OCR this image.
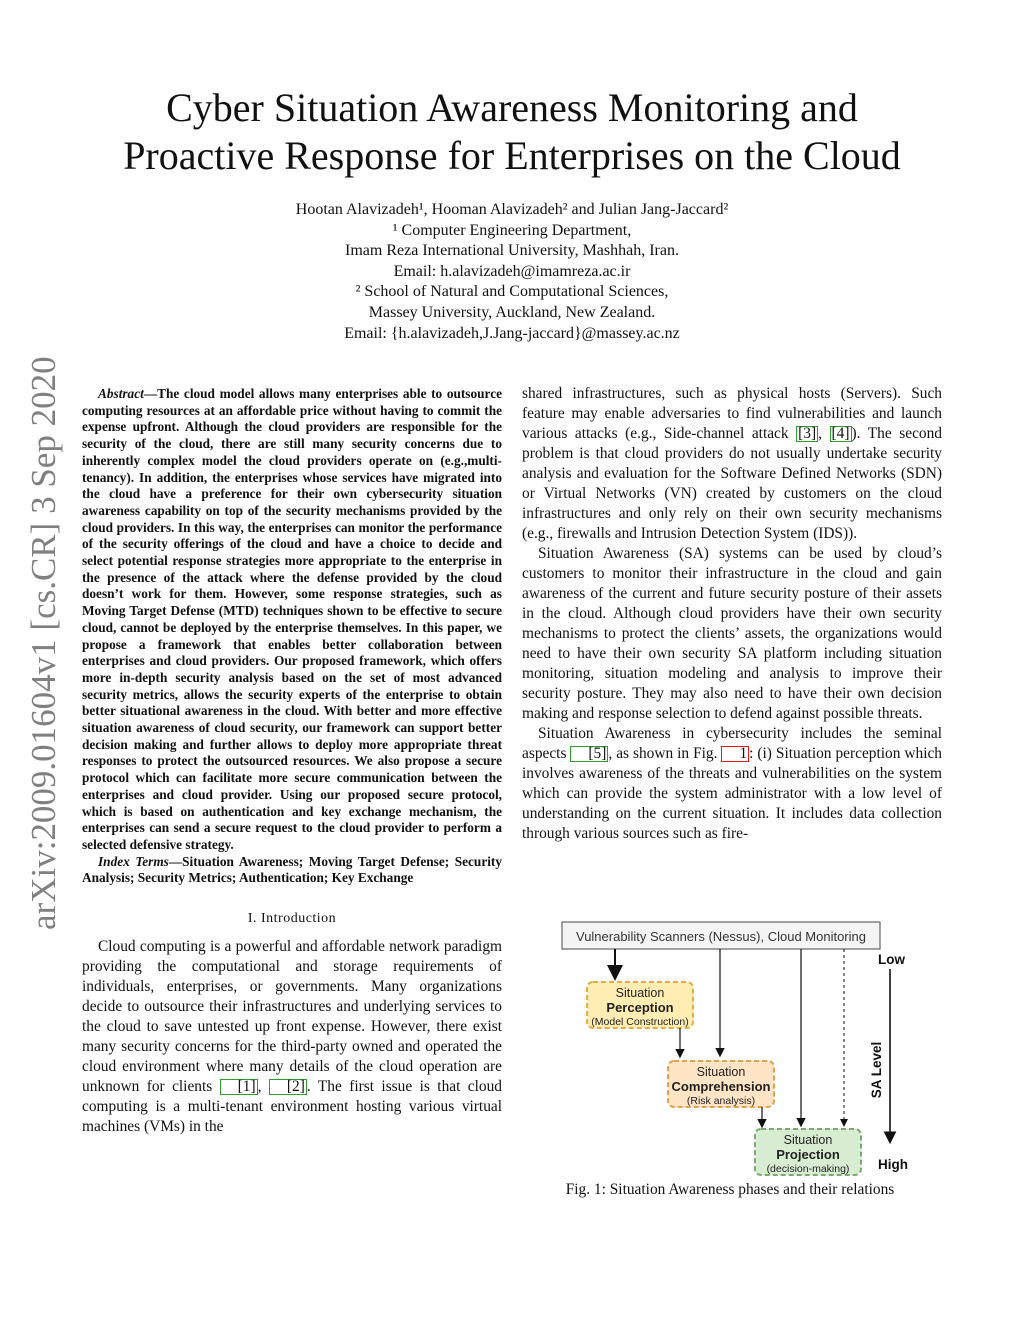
arXiv:2009.01604v1 [cs.CR] 3 Sep 2020
Cyber Situation Awareness Monitoring and
Proactive Response for Enterprises on the Cloud
Hootan Alavizadeh¹, Hooman Alavizadeh² and Julian Jang-Jaccard²
¹ Computer Engineering Department,
Imam Reza International University, Mashhah, Iran.
Email: h.alavizadeh@imamreza.ac.ir
² School of Natural and Computational Sciences,
Massey University, Auckland, New Zealand.
Email: {h.alavizadeh,J.Jang-jaccard}@massey.ac.nz

Abstract—The cloud model allows many enterprises able to outsource computing resources at an affordable price without having to commit the expense upfront. Although the cloud providers are responsible for the security of the cloud, there are still many security concerns due to inherently complex model the cloud providers operate on (e.g.,multi-tenancy). In addition, the enterprises whose services have migrated into the cloud have a preference for their own cybersecurity situation awareness capability on top of the security mechanisms provided by the cloud providers. In this way, the enterprises can monitor the performance of the security offerings of the cloud and have a choice to decide and select potential response strategies more appropriate to the enterprise in the presence of the attack where the defense provided by the cloud doesn’t work for them. However, some response strategies, such as Moving Target Defense (MTD) techniques shown to be effective to secure cloud, cannot be deployed by the enterprise themselves. In this paper, we propose a framework that enables better collaboration between enterprises and cloud providers. Our proposed framework, which offers more in-depth security analysis based on the set of most advanced security metrics, allows the security experts of the enterprise to obtain better situational awareness in the cloud. With better and more effective situation awareness of cloud security, our framework can support better decision making and further allows to deploy more appropriate threat responses to protect the outsourced resources. We also propose a secure protocol which can facilitate more secure communication between the enterprises and cloud provider. Using our proposed secure protocol, which is based on authentication and key exchange mechanism, the enterprises can send a secure request to the cloud provider to perform a selected defensive strategy.

Index Terms—Situation Awareness; Moving Target Defense; Security Analysis; Security Metrics; Authentication; Key Exchange

I. Introduction

Cloud computing is a powerful and affordable network paradigm providing the computational and storage requirements of individuals, enterprises, or governments. Many organizations decide to outsource their infrastructures and underlying services to the cloud to save untested up front expense. However, there exist many security concerns for the third-party owned and operated the cloud environment where many details of the cloud operation are unknown for clients [1] , [2] . The first issue is that cloud computing is a multi-tenant environment hosting various virtual machines (VMs) in the

shared infrastructures, such as physical hosts (Servers). Such feature may enable adversaries to find vulnerabilities and launch various attacks (e.g., Side-channel attack [3] , [4] ). The second problem is that cloud providers do not usually undertake security analysis and evaluation for the Software Defined Networks (SDN) or Virtual Networks (VN) created by customers on the cloud infrastructures and only rely on their own security mechanisms (e.g., firewalls and Intrusion Detection System (IDS)).

Situation Awareness (SA) systems can be used by cloud’s customers to monitor their infrastructure in the cloud and gain awareness of the current and future security posture of their assets in the cloud. Although cloud providers have their own security mechanisms to protect the clients’ assets, the organizations would need to have their own security SA platform including situation monitoring, situation modeling and analysis to improve their security posture. They may also need to have their own decision making and response selection to defend against possible threats.

Situation Awareness in cybersecurity includes the seminal aspects [5] , as shown in Fig. 1 : (i) Situation perception which involves awareness of the threats and vulnerabilities on the system which can provide the system administrator with a low level of understanding on the current situation. It includes data collection through various sources such as fire-

Vulnerability Scanners (Nessus), Cloud Monitoring
Situation
Perception
(Model Construction)
Situation
Comprehension
(Risk analysis)
Situation
Projection
(decision-making)
Low
High
SA Level
Fig. 1: Situation Awareness phases and their relations
